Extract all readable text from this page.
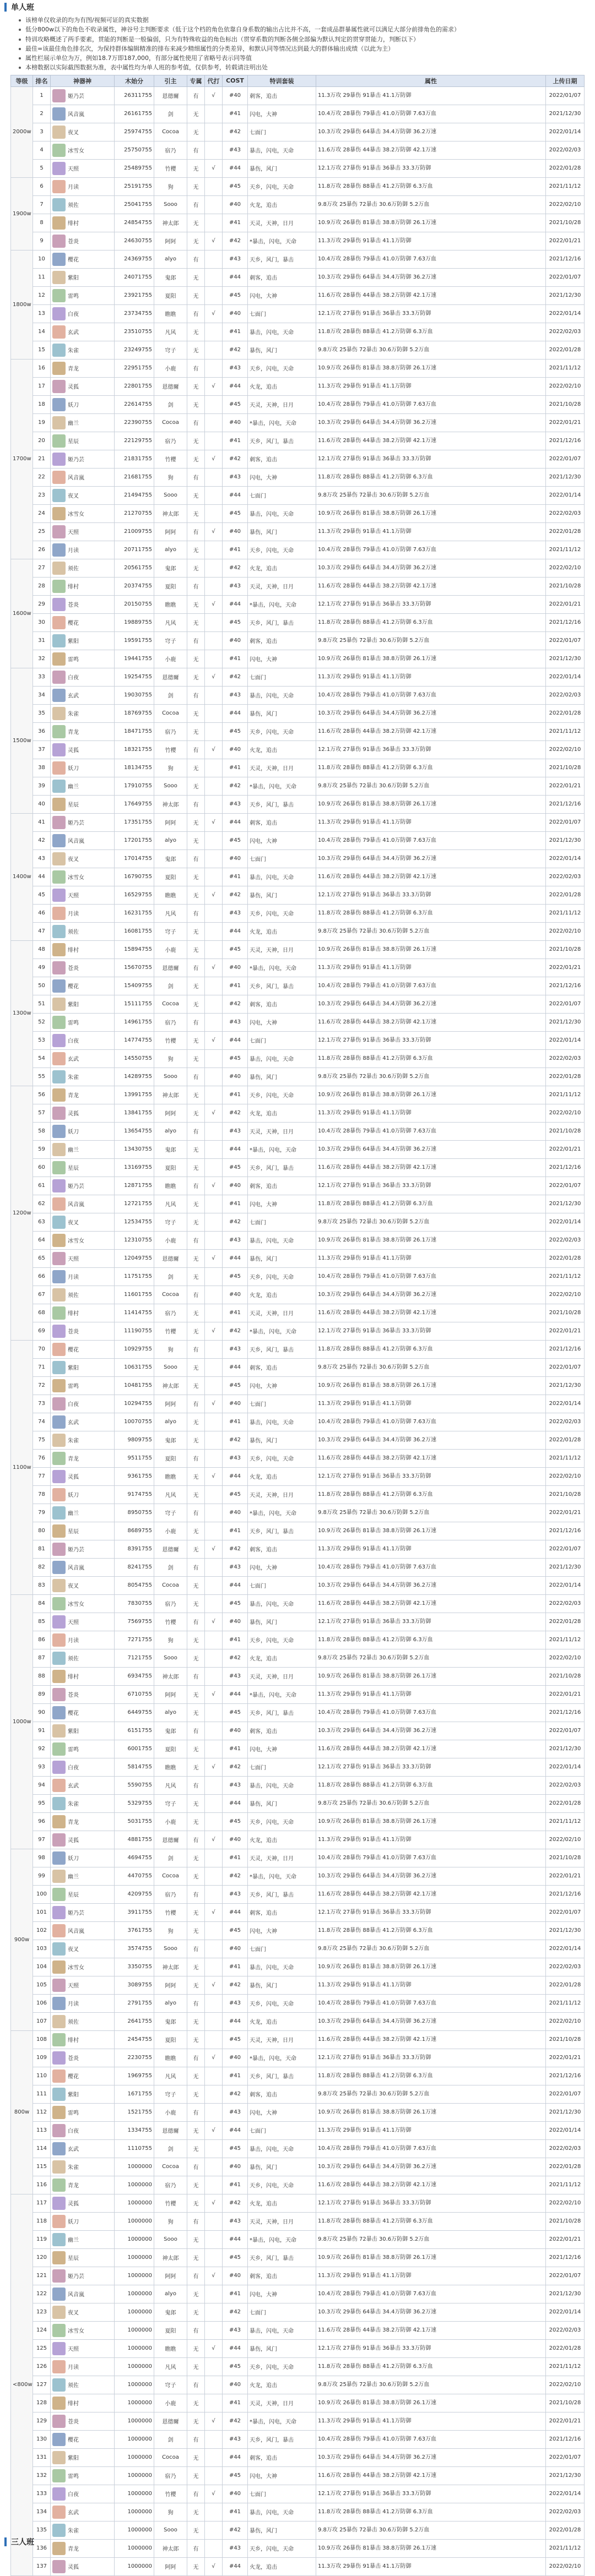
单人班
该榜单仅收录的均为有图/视频可证的真实数据
低分800w以下的角色不收录属性，神谷号主判断要求（低于这个档的角色依靠自身系数的输出占比并不高，一套成品群暴属性就可以满足大部分前排角色的需求）
特训攻略概述了两手要素，贯能的判断是一般偏弱，只为有特殊收益的角色标出（贯穿系数的判断各侧全部偏为默认判定的贯穿贯能力，判断以下）
最佳=该最佳角色排名次，为保持群体编辑精准的排布来减少精细属性的分类差异，和默认同等情况达到最大的群体输出成绩（以此为主）
属性栏展示单位为万，例如18.7万即187,000，有部分属性使用了省略号表示同等值
本榜数据以实际截图数据为准，表中属性均为单人班的参考值，仅供参考，转载请注明出处
等级	排名	神器神	木始分	引主	专属	代打	COST	特训套装	属性	上传日期
2000w	1	姬乃芸	26311755	恩德爾	有	√	#40	刺客，追击	11.3万攻 29暴伤 91暴击 41.1万防御	2022/01/07
	2	风音嵐	26161755	剑	无		#41	闪电，大神	10.4万攻 28暴伤 79暴击 41.0万防御 7.63万血	2021/12/30
	3	夜叉	25974755	Cocoa	无		#42	七面门	10.3万攻 29暴伤 64暴击 34.4万防御 36.2万速	2022/01/14
	4	冰雪女	25750755	宿乃	有		#43	暴击，闪电，天命	11.6万攻 28暴伤 44暴击 38.2万防御 42.1万速	2022/02/03
	5	天照	25489755	竹樱	无	√	#44	暴伤，风门	12.1万攻 27暴伤 91暴击 36暴击 33.3万防御	2022/01/28
1900w	6	月读	25191755	狗	无		#45	天乡，闪电，天命	11.8万攻 28暴伤 88暴击 41.2万防御 6.3万血	2021/11/12
	7	须佐	25041755	Sooo	有		#40	火龙，追击	9.8万攻 25暴伤 72暴击 30.6万防御 5.2万血	2022/02/10
	8	绯村	24854755	神太郎	无		#41	天灵，天神，日月	10.9万攻 26暴伤 81暴击 38.8万防御 26.1万速	2021/10/28
	9	苍炎	24630755	阿阿	无	√	#42	*暴击，闪电，天命	11.3万攻 29暴伤 91暴击 41.1万防御	2022/01/21
1800w	10	樱花	24369755	alyo	有		#43	天乡，风门，暴击	10.4万攻 28暴伤 79暴击 41.0万防御 7.63万血	2021/12/16
	11	紫阳	24071755	鬼郎	无		#44	刺客，追击	10.3万攻 29暴伤 64暴击 34.4万防御 36.2万速	2022/01/07
	12	雷鸣	23921755	夏阳	无		#45	闪电，大神	11.6万攻 28暴伤 44暴击 38.2万防御 42.1万速	2021/12/30
	13	白夜	23734755	瞧瞧	有	√	#40	七面门	12.1万攻 27暴伤 91暴击 36暴击 33.3万防御	2022/01/14
	14	玄武	23510755	凡风	无		#41	暴击，闪电，天命	11.8万攻 28暴伤 88暴击 41.2万防御 6.3万血	2022/02/03
	15	朱雀	23249755	穹子	无		#42	暴伤，风门	9.8万攻 25暴伤 72暴击 30.6万防御 5.2万血	2022/01/28
1700w	16	青龙	22951755	小鹿	有		#43	天乡，闪电，天命	10.9万攻 26暴伤 81暴击 38.8万防御 26.1万速	2021/11/12
	17	灵狐	22801755	恩德爾	无	√	#44	火龙，追击	11.3万攻 29暴伤 91暴击 41.1万防御	2022/02/10
	18	妖刀	22614755	剑	无		#45	天灵，天神，日月	10.4万攻 28暴伤 79暴击 41.0万防御 7.63万血	2021/10/28
	19	幽兰	22390755	Cocoa	有		#40	*暴击，闪电，天命	10.3万攻 29暴伤 64暴击 34.4万防御 36.2万速	2022/01/21
	20	星辰	22129755	宿乃	无		#41	天乡，风门，暴击	11.6万攻 28暴伤 44暴击 38.2万防御 42.1万速	2021/12/16
	21	姬乃芸	21831755	竹樱	无	√	#42	刺客，追击	12.1万攻 27暴伤 91暴击 36暴击 33.3万防御	2022/01/07
	22	风音嵐	21681755	狗	有		#43	闪电，大神	11.8万攻 28暴伤 88暴击 41.2万防御 6.3万血	2021/12/30
	23	夜叉	21494755	Sooo	无		#44	七面门	9.8万攻 25暴伤 72暴击 30.6万防御 5.2万血	2022/01/14
	24	冰雪女	21270755	神太郎	无		#45	暴击，闪电，天命	10.9万攻 26暴伤 81暴击 38.8万防御 26.1万速	2022/02/03
	25	天照	21009755	阿阿	有	√	#40	暴伤，风门	11.3万攻 29暴伤 91暴击 41.1万防御	2022/01/28
	26	月读	20711755	alyo	无		#41	天乡，闪电，天命	10.4万攻 28暴伤 79暴击 41.0万防御 7.63万血	2021/11/12
1600w	27	须佐	20561755	鬼郎	无		#42	火龙，追击	10.3万攻 29暴伤 64暴击 34.4万防御 36.2万速	2022/02/10
	28	绯村	20374755	夏阳	有		#43	天灵，天神，日月	11.6万攻 28暴伤 44暴击 38.2万防御 42.1万速	2021/10/28
	29	苍炎	20150755	瞧瞧	无	√	#44	*暴击，闪电，天命	12.1万攻 27暴伤 91暴击 36暴击 33.3万防御	2022/01/21
	30	樱花	19889755	凡风	无		#45	天乡，风门，暴击	11.8万攻 28暴伤 88暴击 41.2万防御 6.3万血	2021/12/16
	31	紫阳	19591755	穹子	有		#40	刺客，追击	9.8万攻 25暴伤 72暴击 30.6万防御 5.2万血	2022/01/07
	32	雷鸣	19441755	小鹿	无		#41	闪电，大神	10.9万攻 26暴伤 81暴击 38.8万防御 26.1万速	2021/12/30
1500w	33	白夜	19254755	恩德爾	无	√	#42	七面门	11.3万攻 29暴伤 91暴击 41.1万防御	2022/01/14
	34	玄武	19030755	剑	有		#43	暴击，闪电，天命	10.4万攻 28暴伤 79暴击 41.0万防御 7.63万血	2022/02/03
	35	朱雀	18769755	Cocoa	无		#44	暴伤，风门	10.3万攻 29暴伤 64暴击 34.4万防御 36.2万速	2022/01/28
	36	青龙	18471755	宿乃	无		#45	天乡，闪电，天命	11.6万攻 28暴伤 44暴击 38.2万防御 42.1万速	2021/11/12
	37	灵狐	18321755	竹樱	有	√	#40	火龙，追击	12.1万攻 27暴伤 91暴击 36暴击 33.3万防御	2022/02/10
	38	妖刀	18134755	狗	无		#41	天灵，天神，日月	11.8万攻 28暴伤 88暴击 41.2万防御 6.3万血	2021/10/28
	39	幽兰	17910755	Sooo	无		#42	*暴击，闪电，天命	9.8万攻 25暴伤 72暴击 30.6万防御 5.2万血	2022/01/21
	40	星辰	17649755	神太郎	有		#43	天乡，风门，暴击	10.9万攻 26暴伤 81暴击 38.8万防御 26.1万速	2021/12/16
1400w	41	姬乃芸	17351755	阿阿	无	√	#44	刺客，追击	11.3万攻 29暴伤 91暴击 41.1万防御	2022/01/07
	42	风音嵐	17201755	alyo	无		#45	闪电，大神	10.4万攻 28暴伤 79暴击 41.0万防御 7.63万血	2021/12/30
	43	夜叉	17014755	鬼郎	有		#40	七面门	10.3万攻 29暴伤 64暴击 34.4万防御 36.2万速	2022/01/14
	44	冰雪女	16790755	夏阳	无		#41	暴击，闪电，天命	11.6万攻 28暴伤 44暴击 38.2万防御 42.1万速	2022/02/03
	45	天照	16529755	瞧瞧	无	√	#42	暴伤，风门	12.1万攻 27暴伤 91暴击 36暴击 33.3万防御	2022/01/28
	46	月读	16231755	凡风	有		#43	天乡，闪电，天命	11.8万攻 28暴伤 88暴击 41.2万防御 6.3万血	2021/11/12
	47	须佐	16081755	穹子	无		#44	火龙，追击	9.8万攻 25暴伤 72暴击 30.6万防御 5.2万血	2022/02/10
1300w	48	绯村	15894755	小鹿	无		#45	天灵，天神，日月	10.9万攻 26暴伤 81暴击 38.8万防御 26.1万速	2021/10/28
	49	苍炎	15670755	恩德爾	有	√	#40	*暴击，闪电，天命	11.3万攻 29暴伤 91暴击 41.1万防御	2022/01/21
	50	樱花	15409755	剑	无		#41	天乡，风门，暴击	10.4万攻 28暴伤 79暴击 41.0万防御 7.63万血	2021/12/16
	51	紫阳	15111755	Cocoa	无		#42	刺客，追击	10.3万攻 29暴伤 64暴击 34.4万防御 36.2万速	2022/01/07
	52	雷鸣	14961755	宿乃	有		#43	闪电，大神	11.6万攻 28暴伤 44暴击 38.2万防御 42.1万速	2021/12/30
	53	白夜	14774755	竹樱	无	√	#44	七面门	12.1万攻 27暴伤 91暴击 36暴击 33.3万防御	2022/01/14
	54	玄武	14550755	狗	无		#45	暴击，闪电，天命	11.8万攻 28暴伤 88暴击 41.2万防御 6.3万血	2022/02/03
	55	朱雀	14289755	Sooo	有		#40	暴伤，风门	9.8万攻 25暴伤 72暴击 30.6万防御 5.2万血	2022/01/28
1200w	56	青龙	13991755	神太郎	无		#41	天乡，闪电，天命	10.9万攻 26暴伤 81暴击 38.8万防御 26.1万速	2021/11/12
	57	灵狐	13841755	阿阿	无	√	#42	火龙，追击	11.3万攻 29暴伤 91暴击 41.1万防御	2022/02/10
	58	妖刀	13654755	alyo	有		#43	天灵，天神，日月	10.4万攻 28暴伤 79暴击 41.0万防御 7.63万血	2021/10/28
	59	幽兰	13430755	鬼郎	无		#44	*暴击，闪电，天命	10.3万攻 29暴伤 64暴击 34.4万防御 36.2万速	2022/01/21
	60	星辰	13169755	夏阳	无		#45	天乡，风门，暴击	11.6万攻 28暴伤 44暴击 38.2万防御 42.1万速	2021/12/16
	61	姬乃芸	12871755	瞧瞧	有	√	#40	刺客，追击	12.1万攻 27暴伤 91暴击 36暴击 33.3万防御	2022/01/07
	62	风音嵐	12721755	凡风	无		#41	闪电，大神	11.8万攻 28暴伤 88暴击 41.2万防御 6.3万血	2021/12/30
	63	夜叉	12534755	穹子	无		#42	七面门	9.8万攻 25暴伤 72暴击 30.6万防御 5.2万血	2022/01/14
	64	冰雪女	12310755	小鹿	有		#43	暴击，闪电，天命	10.9万攻 26暴伤 81暴击 38.8万防御 26.1万速	2022/02/03
	65	天照	12049755	恩德爾	无	√	#44	暴伤，风门	11.3万攻 29暴伤 91暴击 41.1万防御	2022/01/28
	66	月读	11751755	剑	无		#45	天乡，闪电，天命	10.4万攻 28暴伤 79暴击 41.0万防御 7.63万血	2021/11/12
	67	须佐	11601755	Cocoa	有		#40	火龙，追击	10.3万攻 29暴伤 64暴击 34.4万防御 36.2万速	2022/02/10
	68	绯村	11414755	宿乃	无		#41	天灵，天神，日月	11.6万攻 28暴伤 44暴击 38.2万防御 42.1万速	2021/10/28
	69	苍炎	11190755	竹樱	无	√	#42	*暴击，闪电，天命	12.1万攻 27暴伤 91暴击 36暴击 33.3万防御	2022/01/21
1100w	70	樱花	10929755	狗	有		#43	天乡，风门，暴击	11.8万攻 28暴伤 88暴击 41.2万防御 6.3万血	2021/12/16
	71	紫阳	10631755	Sooo	无		#44	刺客，追击	9.8万攻 25暴伤 72暴击 30.6万防御 5.2万血	2022/01/07
	72	雷鸣	10481755	神太郎	无		#45	闪电，大神	10.9万攻 26暴伤 81暴击 38.8万防御 26.1万速	2021/12/30
	73	白夜	10294755	阿阿	有	√	#40	七面门	11.3万攻 29暴伤 91暴击 41.1万防御	2022/01/14
	74	玄武	10070755	alyo	无		#41	暴击，闪电，天命	10.4万攻 28暴伤 79暴击 41.0万防御 7.63万血	2022/02/03
	75	朱雀	9809755	鬼郎	无		#42	暴伤，风门	10.3万攻 29暴伤 64暴击 34.4万防御 36.2万速	2022/01/28
	76	青龙	9511755	夏阳	有		#43	天乡，闪电，天命	11.6万攻 28暴伤 44暴击 38.2万防御 42.1万速	2021/11/12
	77	灵狐	9361755	瞧瞧	无	√	#44	火龙，追击	12.1万攻 27暴伤 91暴击 36暴击 33.3万防御	2022/02/10
	78	妖刀	9174755	凡风	无		#45	天灵，天神，日月	11.8万攻 28暴伤 88暴击 41.2万防御 6.3万血	2021/10/28
	79	幽兰	8950755	穹子	有		#40	*暴击，闪电，天命	9.8万攻 25暴伤 72暴击 30.6万防御 5.2万血	2022/01/21
	80	星辰	8689755	小鹿	无		#41	天乡，风门，暴击	10.9万攻 26暴伤 81暴击 38.8万防御 26.1万速	2021/12/16
	81	姬乃芸	8391755	恩德爾	无	√	#42	刺客，追击	11.3万攻 29暴伤 91暴击 41.1万防御	2022/01/07
	82	风音嵐	8241755	剑	有		#43	闪电，大神	10.4万攻 28暴伤 79暴击 41.0万防御 7.63万血	2021/12/30
	83	夜叉	8054755	Cocoa	无		#44	七面门	10.3万攻 29暴伤 64暴击 34.4万防御 36.2万速	2022/01/14
1000w	84	冰雪女	7830755	宿乃	无		#45	暴击，闪电，天命	11.6万攻 28暴伤 44暴击 38.2万防御 42.1万速	2022/02/03
	85	天照	7569755	竹樱	有	√	#40	暴伤，风门	12.1万攻 27暴伤 91暴击 36暴击 33.3万防御	2022/01/28
	86	月读	7271755	狗	无		#41	天乡，闪电，天命	11.8万攻 28暴伤 88暴击 41.2万防御 6.3万血	2021/11/12
	87	须佐	7121755	Sooo	无		#42	火龙，追击	9.8万攻 25暴伤 72暴击 30.6万防御 5.2万血	2022/02/10
	88	绯村	6934755	神太郎	有		#43	天灵，天神，日月	10.9万攻 26暴伤 81暴击 38.8万防御 26.1万速	2021/10/28
	89	苍炎	6710755	阿阿	无	√	#44	*暴击，闪电，天命	11.3万攻 29暴伤 91暴击 41.1万防御	2022/01/21
	90	樱花	6449755	alyo	无		#45	天乡，风门，暴击	10.4万攻 28暴伤 79暴击 41.0万防御 7.63万血	2021/12/16
	91	紫阳	6151755	鬼郎	有		#40	刺客，追击	10.3万攻 29暴伤 64暴击 34.4万防御 36.2万速	2022/01/07
	92	雷鸣	6001755	夏阳	无		#41	闪电，大神	11.6万攻 28暴伤 44暴击 38.2万防御 42.1万速	2021/12/30
	93	白夜	5814755	瞧瞧	无	√	#42	七面门	12.1万攻 27暴伤 91暴击 36暴击 33.3万防御	2022/01/14
	94	玄武	5590755	凡风	有		#43	暴击，闪电，天命	11.8万攻 28暴伤 88暴击 41.2万防御 6.3万血	2022/02/03
	95	朱雀	5329755	穹子	无		#44	暴伤，风门	9.8万攻 25暴伤 72暴击 30.6万防御 5.2万血	2022/01/28
	96	青龙	5031755	小鹿	无		#45	天乡，闪电，天命	10.9万攻 26暴伤 81暴击 38.8万防御 26.1万速	2021/11/12
	97	灵狐	4881755	恩德爾	有	√	#40	火龙，追击	11.3万攻 29暴伤 91暴击 41.1万防御	2022/02/10
900w	98	妖刀	4694755	剑	无		#41	天灵，天神，日月	10.4万攻 28暴伤 79暴击 41.0万防御 7.63万血	2021/10/28
	99	幽兰	4470755	Cocoa	无		#42	*暴击，闪电，天命	10.3万攻 29暴伤 64暴击 34.4万防御 36.2万速	2022/01/21
	100	星辰	4209755	宿乃	有		#43	天乡，风门，暴击	11.6万攻 28暴伤 44暴击 38.2万防御 42.1万速	2021/12/16
	101	姬乃芸	3911755	竹樱	无	√	#44	刺客，追击	12.1万攻 27暴伤 91暴击 36暴击 33.3万防御	2022/01/07
	102	风音嵐	3761755	狗	无		#45	闪电，大神	11.8万攻 28暴伤 88暴击 41.2万防御 6.3万血	2021/12/30
	103	夜叉	3574755	Sooo	有		#40	七面门	9.8万攻 25暴伤 72暴击 30.6万防御 5.2万血	2022/01/14
	104	冰雪女	3350755	神太郎	无		#41	暴击，闪电，天命	10.9万攻 26暴伤 81暴击 38.8万防御 26.1万速	2022/02/03
	105	天照	3089755	阿阿	无	√	#42	暴伤，风门	11.3万攻 29暴伤 91暴击 41.1万防御	2022/01/28
	106	月读	2791755	alyo	有		#43	天乡，闪电，天命	10.4万攻 28暴伤 79暴击 41.0万防御 7.63万血	2021/11/12
	107	须佐	2641755	鬼郎	无		#44	火龙，追击	10.3万攻 29暴伤 64暴击 34.4万防御 36.2万速	2022/02/10
800w	108	绯村	2454755	夏阳	无		#45	天灵，天神，日月	11.6万攻 28暴伤 44暴击 38.2万防御 42.1万速	2021/10/28
	109	苍炎	2230755	瞧瞧	有	√	#40	*暴击，闪电，天命	12.1万攻 27暴伤 91暴击 36暴击 33.3万防御	2022/01/21
	110	樱花	1969755	凡风	无		#41	天乡，风门，暴击	11.8万攻 28暴伤 88暴击 41.2万防御 6.3万血	2021/12/16
	111	紫阳	1671755	穹子	无		#42	刺客，追击	9.8万攻 25暴伤 72暴击 30.6万防御 5.2万血	2022/01/07
	112	雷鸣	1521755	小鹿	有		#43	闪电，大神	10.9万攻 26暴伤 81暴击 38.8万防御 26.1万速	2021/12/30
	113	白夜	1334755	恩德爾	无	√	#44	七面门	11.3万攻 29暴伤 91暴击 41.1万防御	2022/01/14
	114	玄武	1110755	剑	无		#45	暴击，闪电，天命	10.4万攻 28暴伤 79暴击 41.0万防御 7.63万血	2022/02/03
	115	朱雀	1000000	Cocoa	有		#40	暴伤，风门	10.3万攻 29暴伤 64暴击 34.4万防御 36.2万速	2022/01/28
	116	青龙	1000000	宿乃	无		#41	天乡，闪电，天命	11.6万攻 28暴伤 44暴击 38.2万防御 42.1万速	2021/11/12
<800w	117	灵狐	1000000	竹樱	无	√	#42	火龙，追击	12.1万攻 27暴伤 91暴击 36暴击 33.3万防御	2022/02/10
	118	妖刀	1000000	狗	有		#43	天灵，天神，日月	11.8万攻 28暴伤 88暴击 41.2万防御 6.3万血	2021/10/28
	119	幽兰	1000000	Sooo	无		#44	*暴击，闪电，天命	9.8万攻 25暴伤 72暴击 30.6万防御 5.2万血	2022/01/21
	120	星辰	1000000	神太郎	无		#45	天乡，风门，暴击	10.9万攻 26暴伤 81暴击 38.8万防御 26.1万速	2021/12/16
	121	姬乃芸	1000000	阿阿	有	√	#40	刺客，追击	11.3万攻 29暴伤 91暴击 41.1万防御	2022/01/07
	122	风音嵐	1000000	alyo	无		#41	闪电，大神	10.4万攻 28暴伤 79暴击 41.0万防御 7.63万血	2021/12/30
	123	夜叉	1000000	鬼郎	无		#42	七面门	10.3万攻 29暴伤 64暴击 34.4万防御 36.2万速	2022/01/14
	124	冰雪女	1000000	夏阳	有		#43	暴击，闪电，天命	11.6万攻 28暴伤 44暴击 38.2万防御 42.1万速	2022/02/03
	125	天照	1000000	瞧瞧	无	√	#44	暴伤，风门	12.1万攻 27暴伤 91暴击 36暴击 33.3万防御	2022/01/28
	126	月读	1000000	凡风	无		#45	天乡，闪电，天命	11.8万攻 28暴伤 88暴击 41.2万防御 6.3万血	2021/11/12
	127	须佐	1000000	穹子	有		#40	火龙，追击	9.8万攻 25暴伤 72暴击 30.6万防御 5.2万血	2022/02/10
	128	绯村	1000000	小鹿	无		#41	天灵，天神，日月	10.9万攻 26暴伤 81暴击 38.8万防御 26.1万速	2021/10/28
	129	苍炎	1000000	恩德爾	无	√	#42	*暴击，闪电，天命	11.3万攻 29暴伤 91暴击 41.1万防御	2022/01/21
	130	樱花	1000000	剑	有		#43	天乡，风门，暴击	10.4万攻 28暴伤 79暴击 41.0万防御 7.63万血	2021/12/16
	131	紫阳	1000000	Cocoa	无		#44	刺客，追击	10.3万攻 29暴伤 64暴击 34.4万防御 36.2万速	2022/01/07
	132	雷鸣	1000000	宿乃	无		#45	闪电，大神	11.6万攻 28暴伤 44暴击 38.2万防御 42.1万速	2021/12/30
	133	白夜	1000000	竹樱	有	√	#40	七面门	12.1万攻 27暴伤 91暴击 36暴击 33.3万防御	2022/01/14
	134	玄武	1000000	狗	无		#41	暴击，闪电，天命	11.8万攻 28暴伤 88暴击 41.2万防御 6.3万血	2022/02/03
	135	朱雀	1000000	Sooo	无		#42	暴伤，风门	9.8万攻 25暴伤 72暴击 30.6万防御 5.2万血	2022/01/28
	136	青龙	1000000	神太郎	有		#43	天乡，闪电，天命	10.9万攻 26暴伤 81暴击 38.8万防御 26.1万速	2021/11/12
	137	灵狐	1000000	阿阿	无	√	#44	火龙，追击	11.3万攻 29暴伤 91暴击 41.1万防御	2022/02/10
三人班
